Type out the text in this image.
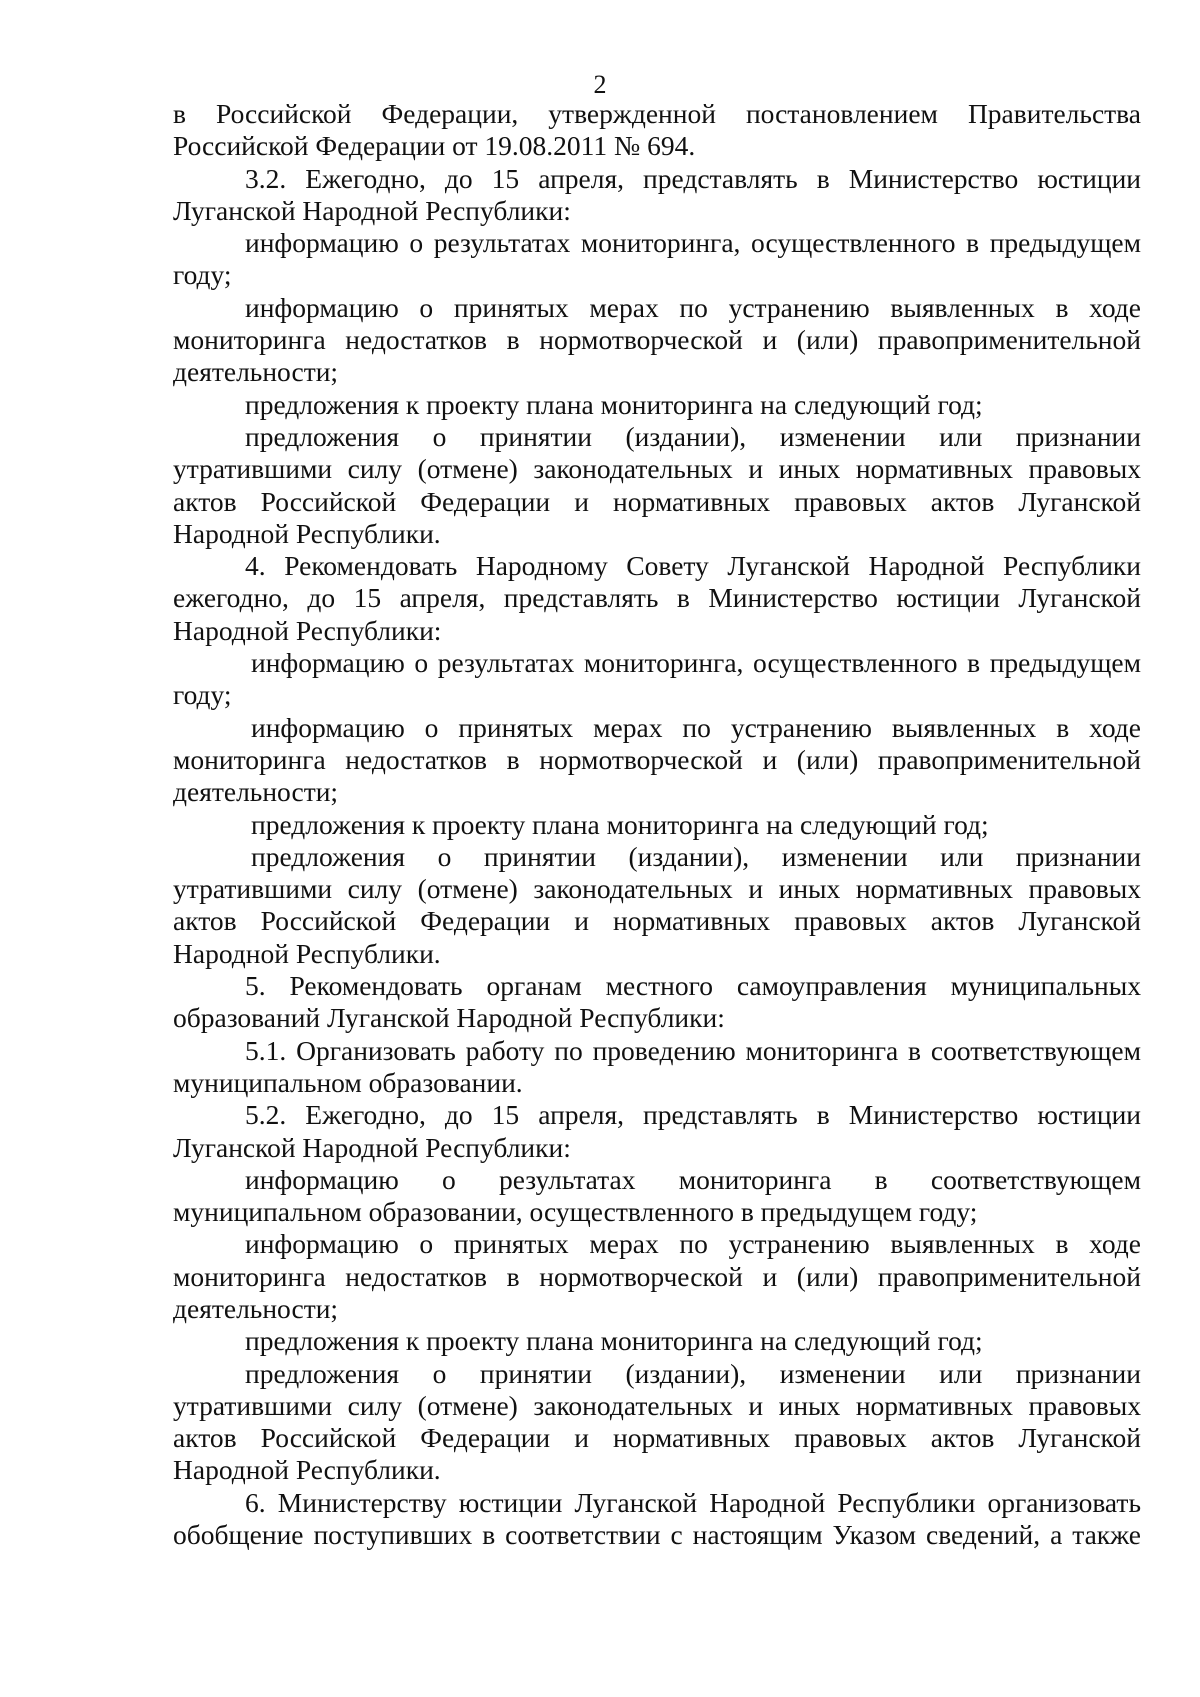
2

в Российской Федерации, утвержденной постановлением Правительства Российской Федерации от 19.08.2011 № 694.

3.2. Ежегодно, до 15 апреля, представлять в Министерство юстиции Луганской Народной Республики:

информацию о результатах мониторинга, осуществленного в предыдущем году;

информацию о принятых мерах по устранению выявленных в ходе мониторинга недостатков в нормотворческой и (или) правоприменительной деятельности;

предложения к проекту плана мониторинга на следующий год;

предложения о принятии (издании), изменении или признании утратившими силу (отмене) законодательных и иных нормативных правовых актов Российской Федерации и нормативных правовых актов Луганской Народной Республики.

4. Рекомендовать Народному Совету Луганской Народной Республики ежегодно, до 15 апреля, представлять в Министерство юстиции Луганской Народной Республики:

информацию о результатах мониторинга, осуществленного в предыдущем году;

информацию о принятых мерах по устранению выявленных в ходе мониторинга недостатков в нормотворческой и (или) правоприменительной деятельности;

предложения к проекту плана мониторинга на следующий год;

предложения о принятии (издании), изменении или признании утратившими силу (отмене) законодательных и иных нормативных правовых актов Российской Федерации и нормативных правовых актов Луганской Народной Республики.

5. Рекомендовать органам местного самоуправления муниципальных образований Луганской Народной Республики:

5.1. Организовать работу по проведению мониторинга в соответствующем муниципальном образовании.

5.2. Ежегодно, до 15 апреля, представлять в Министерство юстиции Луганской Народной Республики:

информацию о результатах мониторинга в соответствующем муниципальном образовании, осуществленного в предыдущем году;

информацию о принятых мерах по устранению выявленных в ходе мониторинга недостатков в нормотворческой и (или) правоприменительной деятельности;

предложения к проекту плана мониторинга на следующий год;

предложения о принятии (издании), изменении или признании утратившими силу (отмене) законодательных и иных нормативных правовых актов Российской Федерации и нормативных правовых актов Луганской Народной Республики.

6. Министерству юстиции Луганской Народной Республики организовать обобщение поступивших в соответствии с настоящим Указом сведений, а также
